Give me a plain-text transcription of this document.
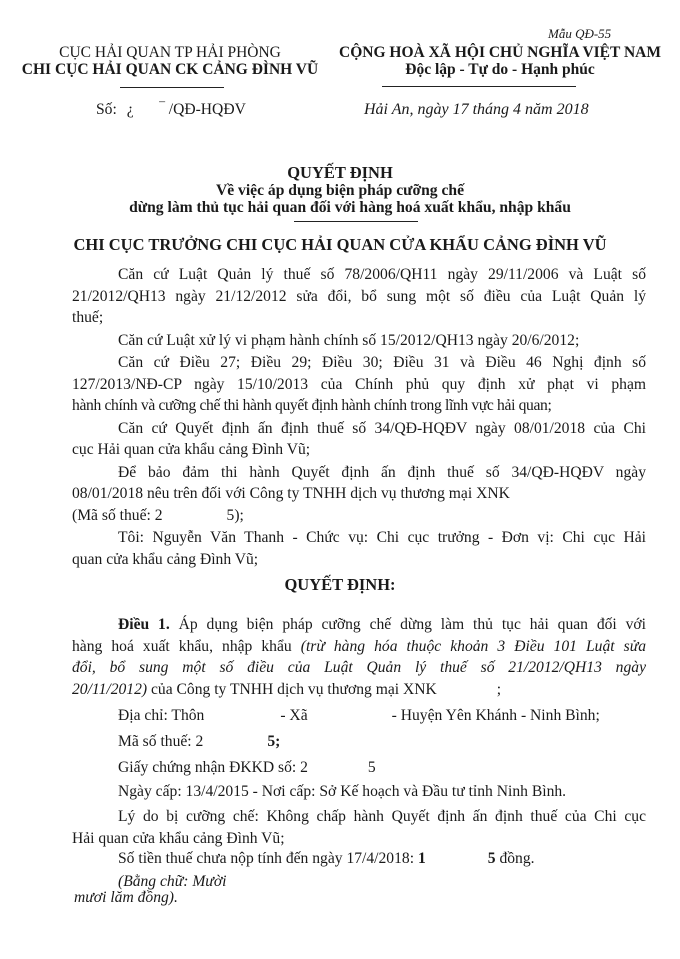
CỤC HẢI QUAN TP HẢI PHÒNG
CHI CỤC HẢI QUAN CK CẢNG ĐÌNH VŨ
Số: ¿ ‾ /QĐ-HQĐV
Mẫu QĐ-55
CỘNG HOÀ XÃ HỘI CHỦ NGHĨA VIỆT NAM
Độc lập - Tự do - Hạnh phúc
Hải An, ngày 17 tháng 4 năm 2018
QUYẾT ĐỊNH
Về việc áp dụng biện pháp cưỡng chế
dừng làm thủ tục hải quan đối với hàng hoá xuất khẩu, nhập khẩu
CHI CỤC TRƯỞNG CHI CỤC HẢI QUAN CỬA KHẨU CẢNG ĐÌNH VŨ
Căn cứ Luật Quản lý thuế số 78/2006/QH11 ngày 29/11/2006 và Luật số
21/2012/QH13 ngày 21/12/2012 sửa đổi, bổ sung một số điều của Luật Quản lý
thuế;
Căn cứ Luật xử lý vi phạm hành chính số 15/2012/QH13 ngày 20/6/2012;
Căn cứ Điều 27; Điều 29; Điều 30; Điều 31 và Điều 46 Nghị định số
127/2013/NĐ-CP ngày 15/10/2013 của Chính phủ quy định xử phạt vi phạm
hành chính và cưỡng chế thi hành quyết định hành chính trong lĩnh vực hải quan;
Căn cứ Quyết định ấn định thuế số 34/QĐ-HQĐV ngày 08/01/2018 của Chi
cục Hải quan cửa khẩu cảng Đình Vũ;
Để bảo đảm thi hành Quyết định ấn định thuế số 34/QĐ-HQĐV ngày
08/01/2018 nêu trên đối với Công ty TNHH dịch vụ thương mại XNK
(Mã số thuế: 2	5);
Tôi: Nguyễn Văn Thanh - Chức vụ: Chi cục trưởng - Đơn vị: Chi cục Hải
quan cửa khẩu cảng Đình Vũ;
QUYẾT ĐỊNH:
Điều 1. Áp dụng biện pháp cưỡng chế dừng làm thủ tục hải quan đối với
hàng hoá xuất khẩu, nhập khẩu (trừ hàng hóa thuộc khoản 3 Điều 101 Luật sửa
đổi, bổ sung một số điều của Luật Quản lý thuế số 21/2012/QH13 ngày
20/11/2012) của Công ty TNHH dịch vụ thương mại XNK	;
Địa chỉ: Thôn	- Xã	- Huyện Yên Khánh - Ninh Bình;
Mã số thuế: 2	5;
Giấy chứng nhận ĐKKD số: 2	5
Ngày cấp: 13/4/2015 - Nơi cấp: Sở Kế hoạch và Đầu tư tỉnh Ninh Bình.
Lý do bị cưỡng chế: Không chấp hành Quyết định ấn định thuế của Chi cục
Hải quan cửa khẩu cảng Đình Vũ;
Số tiền thuế chưa nộp tính đến ngày 17/4/2018: 1	5 đồng.
(Bằng chữ: Mười
mươi lăm đồng).
